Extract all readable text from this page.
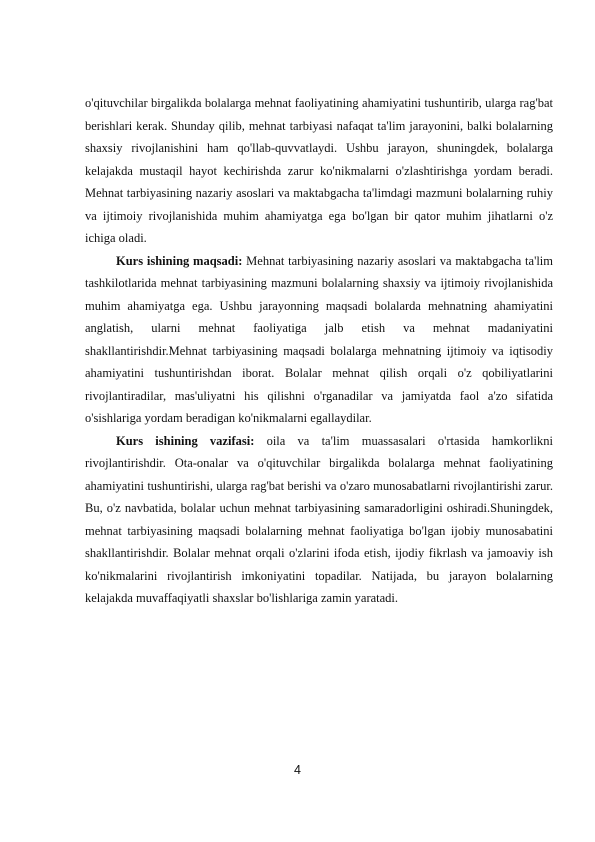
o'qituvchilar birgalikda bolalarga mehnat faoliyatining ahamiyatini tushuntirib, ularga rag'bat berishlari kerak. Shunday qilib, mehnat tarbiyasi nafaqat ta'lim jarayonini, balki bolalarning shaxsiy rivojlanishini ham qo'llab-quvvatlaydi. Ushbu jarayon, shuningdek, bolalarga kelajakda mustaqil hayot kechirishda zarur ko'nikmalarni o'zlashtirishga yordam beradi. Mehnat tarbiyasining nazariy asoslari va maktabgacha ta'limdagi mazmuni bolalarning ruhiy va ijtimoiy rivojlanishida muhim ahamiyatga ega bo'lgan bir qator muhim jihatlarni o'z ichiga oladi.

Kurs ishining maqsadi: Mehnat tarbiyasining nazariy asoslari va maktabgacha ta'lim tashkilotlarida mehnat tarbiyasining mazmuni bolalarning shaxsiy va ijtimoiy rivojlanishida muhim ahamiyatga ega. Ushbu jarayonning maqsadi bolalarda mehnatning ahamiyatini anglatish, ularni mehnat faoliyatiga jalb etish va mehnat madaniyatini shakllantirishdir.Mehnat tarbiyasining maqsadi bolalarga mehnatning ijtimoiy va iqtisodiy ahamiyatini tushuntirishdan iborat. Bolalar mehnat qilish orqali o'z qobiliyatlarini rivojlantiradilar, mas'uliyatni his qilishni o'rganadilar va jamiyatda faol a'zo sifatida o'sishlariga yordam beradigan ko'nikmalarni egallaydilar.

Kurs ishining vazifasi: oila va ta'lim muassasalari o'rtasida hamkorlikni rivojlantirishdir. Ota-onalar va o'qituvchilar birgalikda bolalarga mehnat faoliyatining ahamiyatini tushuntirishi, ularga rag'bat berishi va o'zaro munosabatlarni rivojlantirishi zarur. Bu, o'z navbatida, bolalar uchun mehnat tarbiyasining samaradorligini oshiradi.Shuningdek, mehnat tarbiyasining maqsadi bolalarning mehnat faoliyatiga bo'lgan ijobiy munosabatini shakllantirishdir. Bolalar mehnat orqali o'zlarini ifoda etish, ijodiy fikrlash va jamoaviy ish ko'nikmalarini rivojlantirish imkoniyatini topadilar. Natijada, bu jarayon bolalarning kelajakda muvaffaqiyatli shaxslar bo'lishlariga zamin yaratadi.

4
